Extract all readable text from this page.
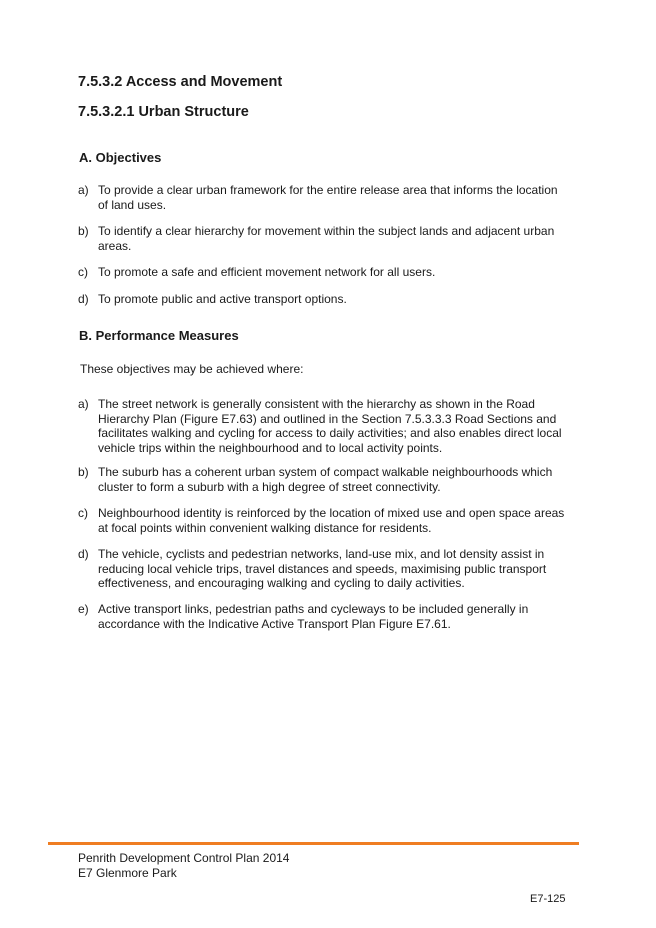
7.5.3.2 Access and Movement
7.5.3.2.1 Urban Structure
A. Objectives
a) To provide a clear urban framework for the entire release area that informs the location of land uses.
b) To identify a clear hierarchy for movement within the subject lands and adjacent urban areas.
c) To promote a safe and efficient movement network for all users.
d) To promote public and active transport options.
B. Performance Measures

These objectives may be achieved where:

a) The street network is generally consistent with the hierarchy as shown in the Road Hierarchy Plan (Figure E7.63) and outlined in the Section 7.5.3.3.3 Road Sections and facilitates walking and cycling for access to daily activities; and also enables direct local vehicle trips within the neighbourhood and to local activity points.
b) The suburb has a coherent urban system of compact walkable neighbourhoods which cluster to form a suburb with a high degree of street connectivity.
c) Neighbourhood identity is reinforced by the location of mixed use and open space areas at focal points within convenient walking distance for residents.
d) The vehicle, cyclists and pedestrian networks, land-use mix, and lot density assist in reducing local vehicle trips, travel distances and speeds, maximising public transport effectiveness, and encouraging walking and cycling to daily activities.
e) Active transport links, pedestrian paths and cycleways to be included generally in accordance with the Indicative Active Transport Plan Figure E7.61.
Penrith Development Control Plan 2014
E7 Glenmore Park
E7-125
